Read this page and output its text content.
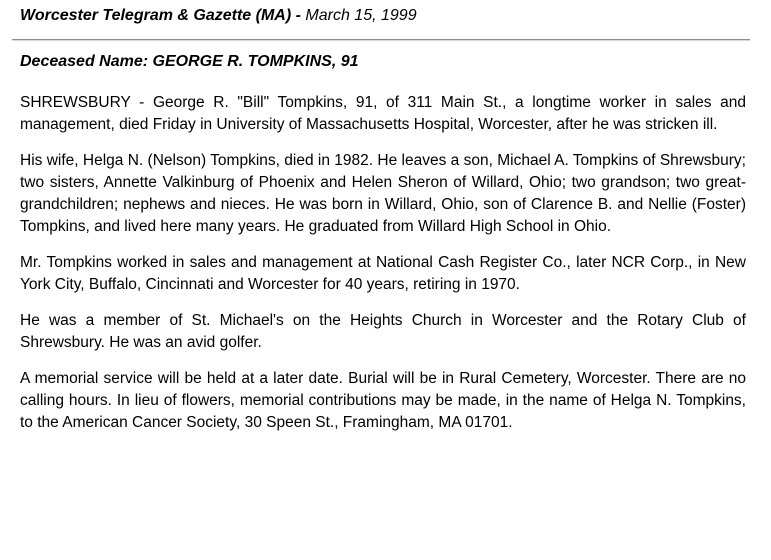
Worcester Telegram & Gazette (MA) - March 15, 1999
Deceased Name: GEORGE R. TOMPKINS, 91

SHREWSBURY - George R. "Bill" Tompkins, 91, of 311 Main St., a longtime worker in sales and management, died Friday in University of Massachusetts Hospital, Worcester, after he was stricken ill.

His wife, Helga N. (Nelson) Tompkins, died in 1982. He leaves a son, Michael A. Tompkins of Shrewsbury; two sisters, Annette Valkinburg of Phoenix and Helen Sheron of Willard, Ohio; two grandson; two great-grandchildren; nephews and nieces. He was born in Willard, Ohio, son of Clarence B. and Nellie (Foster) Tompkins, and lived here many years. He graduated from Willard High School in Ohio.

Mr. Tompkins worked in sales and management at National Cash Register Co., later NCR Corp., in New York City, Buffalo, Cincinnati and Worcester for 40 years, retiring in 1970.

He was a member of St. Michael's on the Heights Church in Worcester and the Rotary Club of Shrewsbury. He was an avid golfer.

A memorial service will be held at a later date. Burial will be in Rural Cemetery, Worcester. There are no calling hours. In lieu of flowers, memorial contributions may be made, in the name of Helga N. Tompkins, to the American Cancer Society, 30 Speen St., Framingham, MA 01701.
